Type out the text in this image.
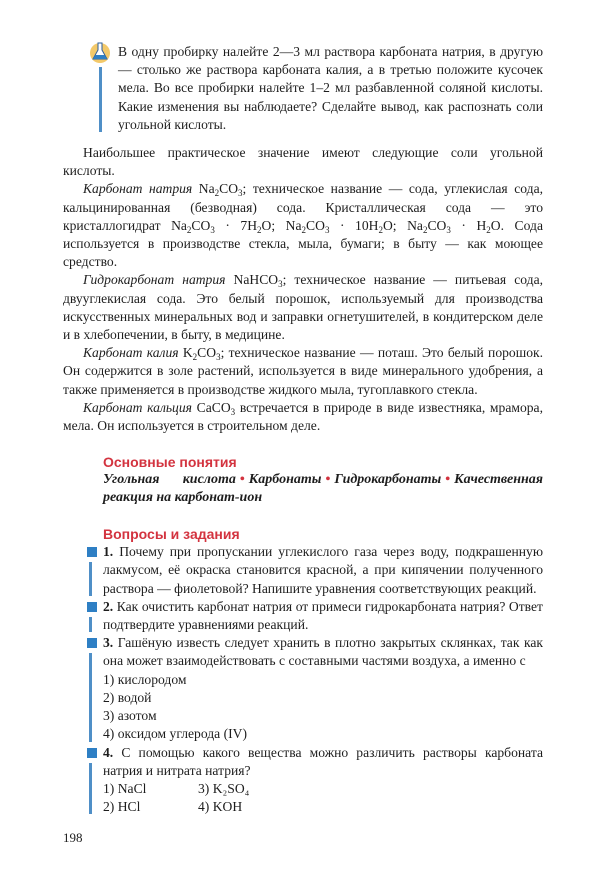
В одну пробирку налейте 2—3 мл раствора карбоната натрия, в другую — столько же раствора карбоната калия, а в третью положите кусочек мела. Во все пробирки налейте 1–2 мл разбавленной соляной кислоты. Какие изменения вы наблюдаете? Сделайте вывод, как распознать соли угольной кислоты.

Наибольшее практическое значение имеют следующие соли угольной кислоты.

Карбонат натрия $Na_2CO_3$; техническое название — сода, углекислая сода, кальцинированная (безводная) сода. Кристаллическая сода — это кристаллогидрат $Na_2CO_3 \cdot 7H_2O$; $Na_2CO_3 \cdot 10H_2O$; $Na_2CO_3 \cdot H_2O$. Сода используется в производстве стекла, мыла, бумаги; в быту — как моющее средство.

Гидрокарбонат натрия NaHCO$_3$; техническое название — питьевая сода, двууглекислая сода. Это белый порошок, используемый для производства искусственных минеральных вод и заправки огнетушителей, в кондитерском деле и в хлебопечении, в быту, в медицине.

Карбонат калия $K_2CO_3$; техническое название — поташ. Это белый порошок. Он содержится в золе растений, используется в виде минерального удобрения, а также применяется в производстве жидкого мыла, тугоплавкого стекла.

Карбонат кальция CaCO$_3$ встречается в природе в виде известняка, мрамора, мела. Он используется в строительном деле.

Основные понятия
Угольная кислота • Карбонаты • Гидрокарбонаты • Качественная реакция на карбонат-ион
Вопросы и задания

1. Почему при пропускании углекислого газа через воду, подкрашенную лакмусом, её окраска становится красной, а при кипячении полученного раствора — фиолетовой? Напишите уравнения соответствующих реакций.

2. Как очистить карбонат натрия от примеси гидрокарбоната натрия? Ответ подтвердите уравнениями реакций.

3. Гашёную известь следует хранить в плотно закрытых склянках, так как она может взаимодействовать с составными частями воздуха, а именно с

1) кислородом
2) водой
3) азотом
4) оксидом углерода (IV)

4. С помощью какого вещества можно различить растворы карбоната натрия и нитрата натрия?

1) NaCl	3) K₂SO₄
2) HCl	4) KOH
198
